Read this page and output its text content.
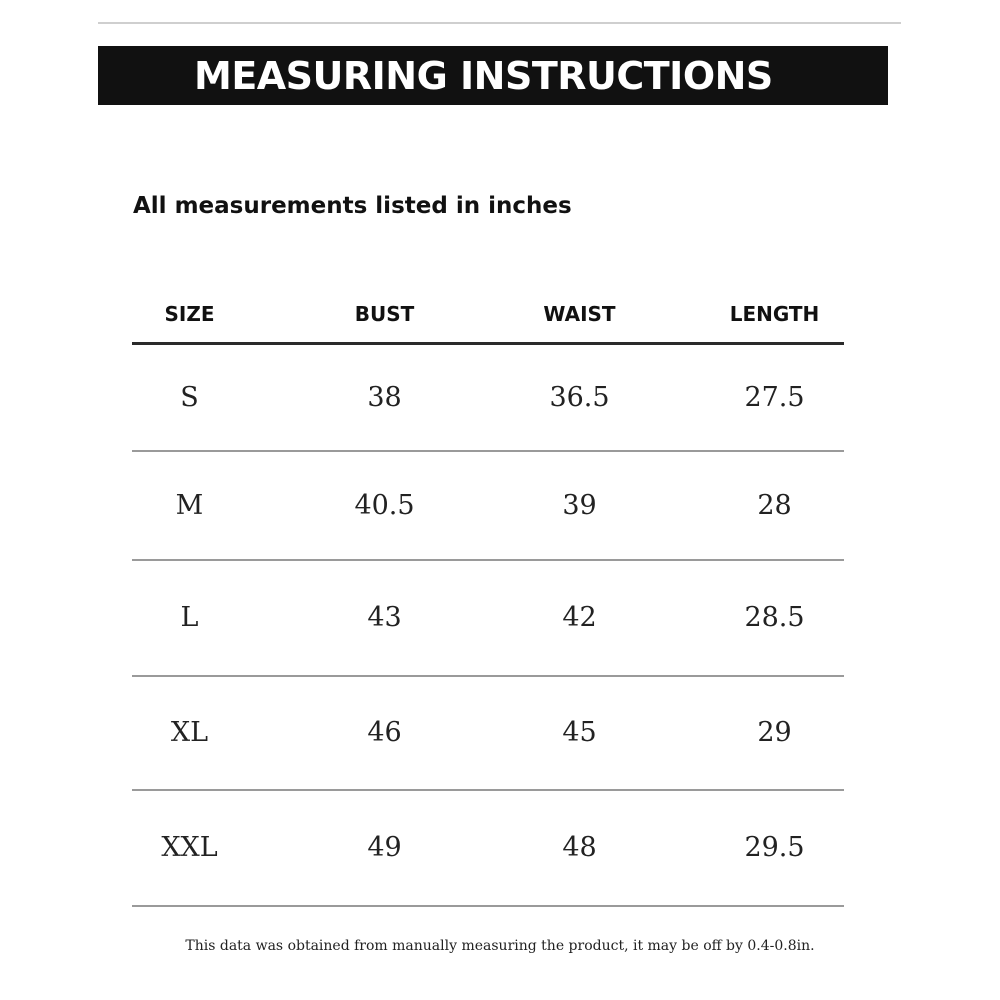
MEASURING INSTRUCTIONS
All measurements listed in inches
SIZE	BUST	WAIST	LENGTH
S	38	36.5	27.5
M	40.5	39	28
L	43	42	28.5
XL	46	45	29
XXL	49	48	29.5
This data was obtained from manually measuring the product, it may be off by 0.4-0.8in.
